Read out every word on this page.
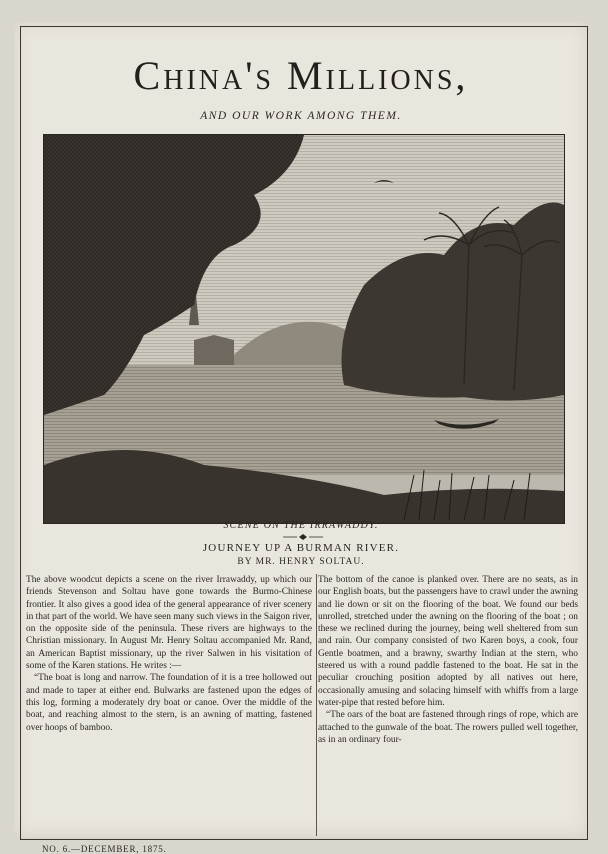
China's Millions,
AND OUR WORK AMONG THEM.
SCENE ON THE IRRAWADDY.
JOURNEY UP A BURMAN RIVER.
BY MR. HENRY SOLTAU.

The above woodcut depicts a scene on the river Irrawaddy, up which our friends Stevenson and Soltau have gone towards the Burmo-Chinese frontier. It also gives a good idea of the general appearance of river scenery in that part of the world. We have seen many such views in the Saigon river, on the opposite side of the peninsula. These rivers are highways to the Christian missionary. In August Mr. Henry Soltau accompanied Mr. Rand, an American Baptist missionary, up the river Salwen in his visitation of some of the Karen stations. He writes :—

“The boat is long and narrow. The foundation of it is a tree hollowed out and made to taper at either end. Bulwarks are fastened upon the edges of this log, forming a moderately dry boat or canoe. Over the middle of the boat, and reaching almost to the stern, is an awning of matting, fastened over hoops of bamboo.

The bottom of the canoe is planked over. There are no seats, as in our English boats, but the passengers have to crawl under the awning and lie down or sit on the flooring of the boat. We found our beds unrolled, stretched under the awning on the flooring of the boat ; on these we reclined during the journey, being well sheltered from sun and rain. Our company consisted of two Karen boys, a cook, four Gentle boatmen, and a brawny, swarthy Indian at the stern, who steered us with a round paddle fastened to the boat. He sat in the peculiar crouching position adopted by all natives out here, occasionally amusing and solacing himself with whiffs from a large water-pipe that rested before him.

“The oars of the boat are fastened through rings of rope, which are attached to the gunwale of the boat. The rowers pulled well together, as in an ordinary four-

NO. 6.—DECEMBER, 1875.
